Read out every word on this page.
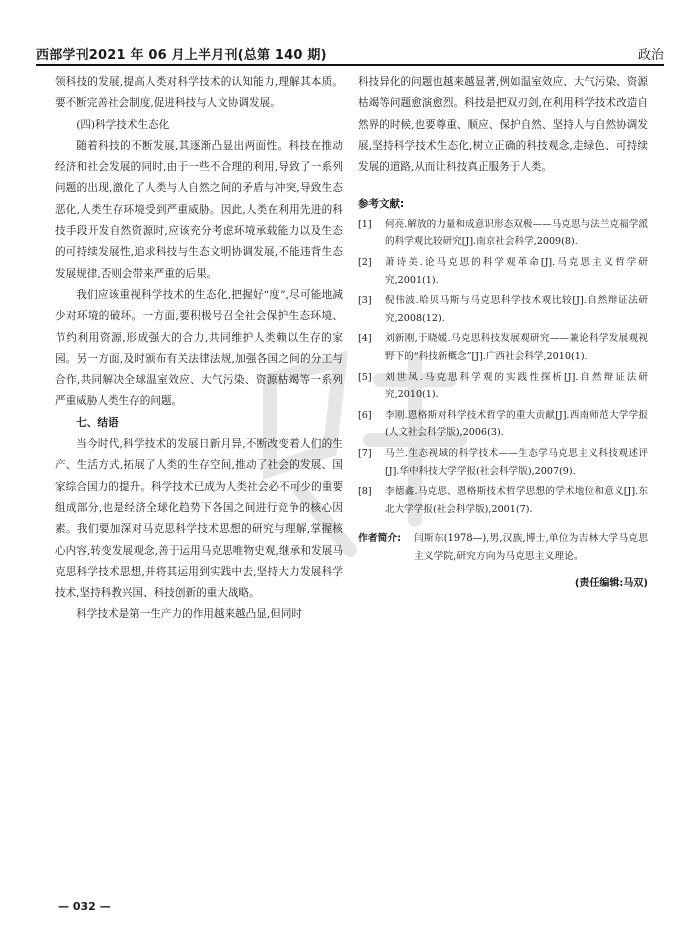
西部学刊2021 年 06 月上半月刊(总第 140 期)	政治

领科技的发展,提高人类对科学技术的认知能力,理解其本质。要不断完善社会制度,促进科技与人文协调发展。

(四)科学技术生态化

随着科技的不断发展,其逐渐凸显出两面性。科技在推动经济和社会发展的同时,由于一些不合理的利用,导致了一系列问题的出现,激化了人类与人自然之间的矛盾与冲突,导致生态恶化,人类生存环境受到严重威胁。因此,人类在利用先进的科技手段开发自然资源时,应该充分考虑环境承载能力以及生态的可持续发展性,追求科技与生态文明协调发展,不能违背生态发展规律,否则会带来严重的后果。

我们应该重视科学技术的生态化,把握好“度”,尽可能地减少对环境的破坏。一方面,要积极号召全社会保护生态环境、节约利用资源,形成强大的合力,共同维护人类赖以生存的家园。另一方面,及时颁布有关法律法规,加强各国之间的分工与合作,共同解决全球温室效应、大气污染、资源枯竭等一系列严重威胁人类生存的问题。

七、结语

当今时代,科学技术的发展日新月异,不断改变着人们的生产、生活方式,拓展了人类的生存空间,推动了社会的发展、国家综合国力的提升。科学技术已成为人类社会必不可少的重要组成部分,也是经济全球化趋势下各国之间进行竞争的核心因素。我们要加深对马克思科学技术思想的研究与理解,掌握核心内容,转变发展观念,善于运用马克思唯物史观,继承和发展马克思科学技术思想,并将其运用到实践中去,坚持大力发展科学技术,坚持科教兴国、科技创新的重大战略。

科学技术是第一生产力的作用越来越凸显,但同时

科技异化的问题也越来越显著,例如温室效应、大气污染、资源枯竭等问题愈演愈烈。科技是把双刃剑,在利用科学技术改造自然界的时候,也要尊重、顺应、保护自然、坚持人与自然协调发展,坚持科学技术生态化,树立正确的科技观念,走绿色、可持续发展的道路,从而让科技真正服务于人类。

参考文献:

[1] 何亮.解放的力量和成意识形态双极——马克思与法兰克福学派的科学观比较研究[J].南京社会科学,2009(8).
[2] 萧诗美.论马克思的科学观革命[J].马克思主义哲学研究,2001(1).
[3] 倪伟波.哈贝马斯与马克思科学技术观比较[J].自然辩证法研究,2008(12).
[4] 刘新刚,于晓媛.马克思科技发展观研究——兼论科学发展观视野下的“科技新概念”[J].广西社会科学,2010(1).
[5] 刘世凤.马克思科学观的实践性探析[J].自然辩证法研究,2010(1).
[6] 李刚.恩格斯对科学技术哲学的重大贡献[J].西南师范大学学报(人文社会科学版),2006(3).
[7] 马兰.生态视域的科学技术——生态学马克思主义科技观述评[J].华中科技大学学报(社会科学版),2007(9).
[8] 李德鑫.马克思、恩格斯技术哲学思想的学术地位和意义[J].东北大学学报(社会科学版),2001(7).

作者简介: 闫斯东(1978—),男,汉族,博士,单位为吉林大学马克思主义学院,研究方向为马克思主义理论。

(责任编辑:马双)

— 032 —
